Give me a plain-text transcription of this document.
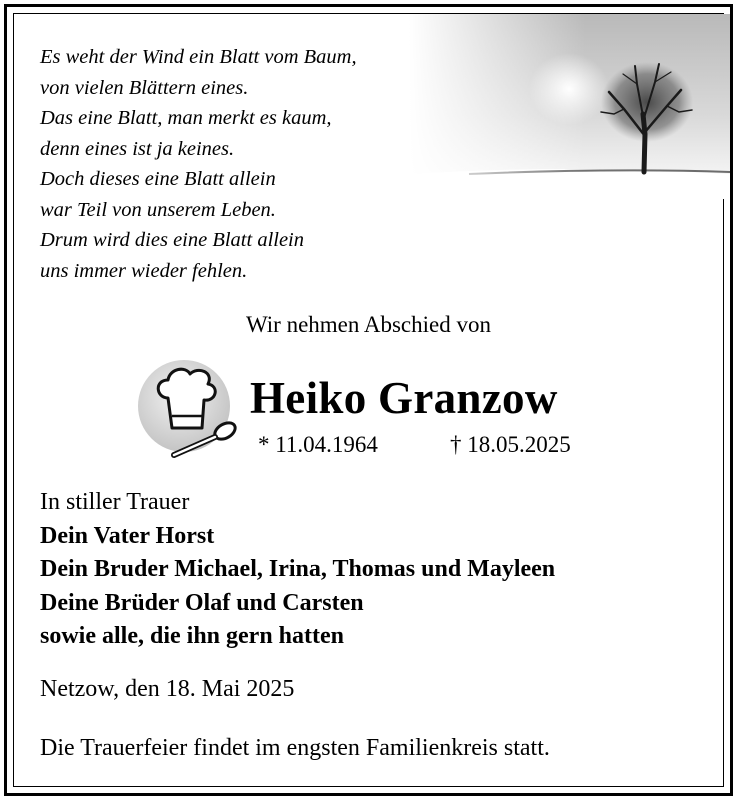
Es weht der Wind ein Blatt vom Baum,
von vielen Blättern eines.
Das eine Blatt, man merkt es kaum,
denn eines ist ja keines.
Doch dieses eine Blatt allein
war Teil von unserem Leben.
Drum wird dies eine Blatt allein
uns immer wieder fehlen.
Wir nehmen Abschied von
Heiko Granzow
* 11.04.1964	† 18.05.2025
In stiller Trauer
Dein Vater Horst
Dein Bruder Michael, Irina, Thomas und Mayleen
Deine Brüder Olaf und Carsten
sowie alle, die ihn gern hatten
Netzow, den 18. Mai 2025
Die Trauerfeier findet im engsten Familienkreis statt.
